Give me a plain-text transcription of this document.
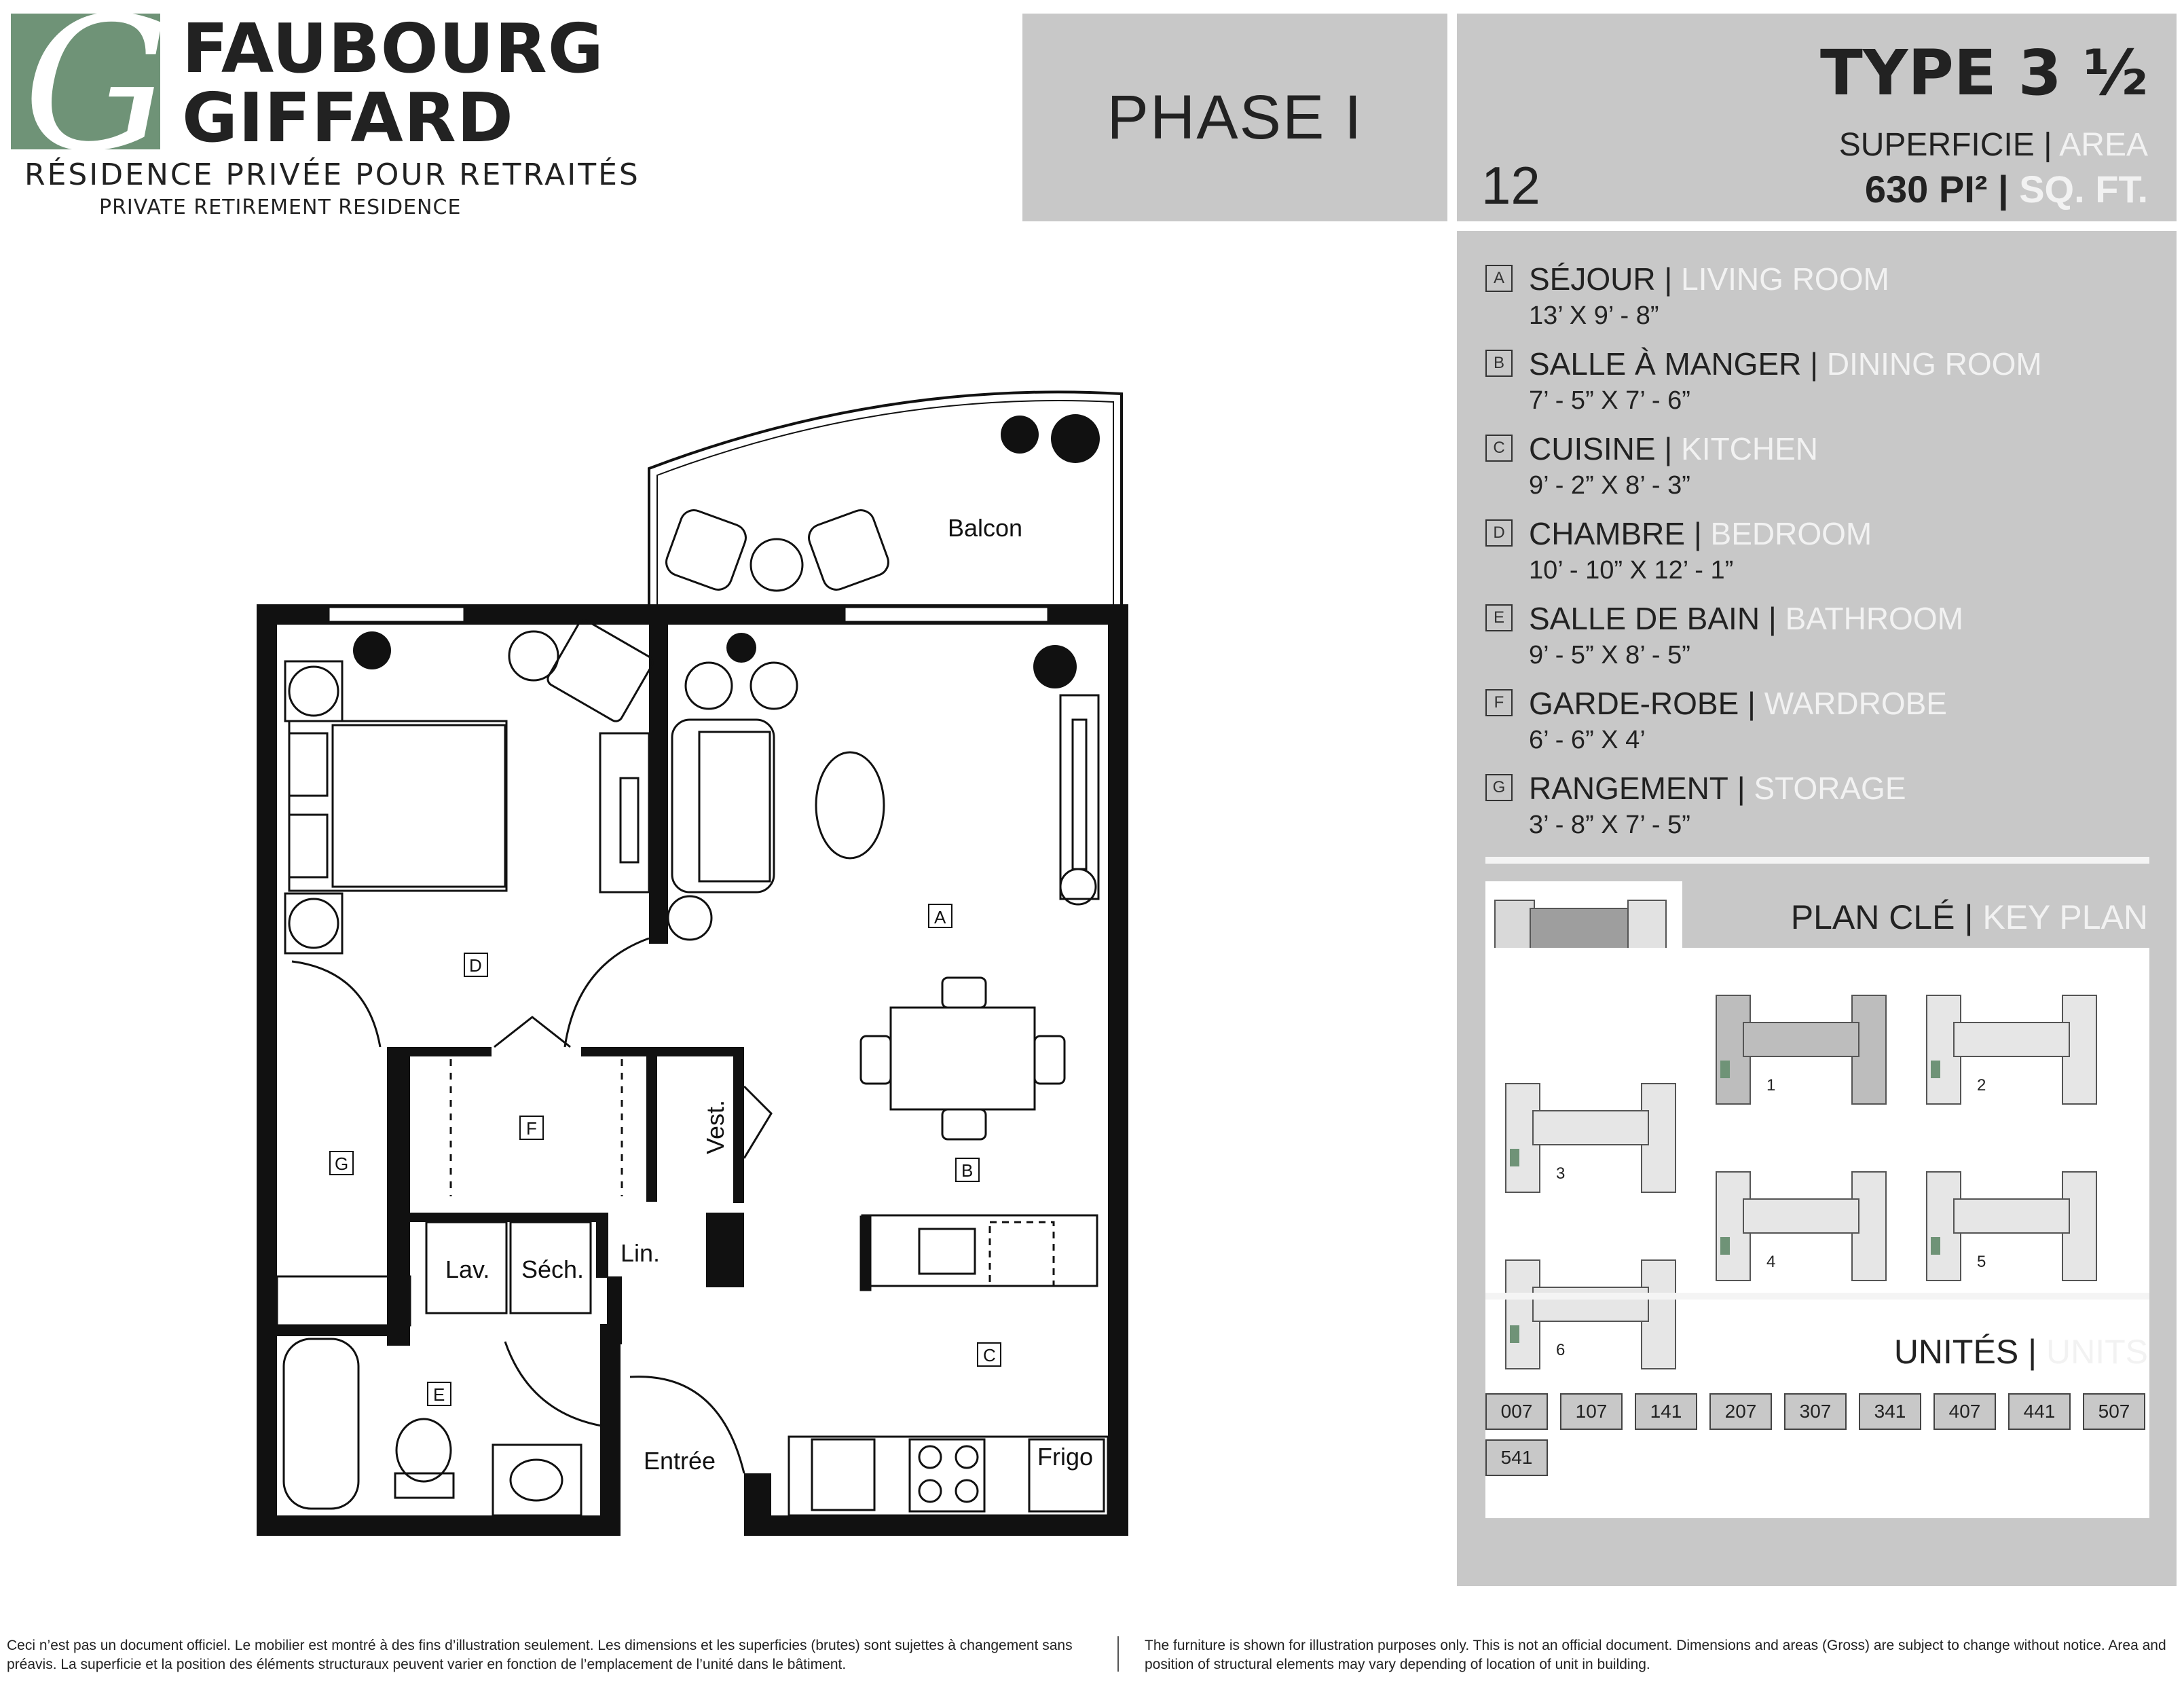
G FAUBOURG
GIFFARD
RÉSIDENCE PRIVÉE POUR RETRAITÉS
PRIVATE RETIREMENT RESIDENCE
PHASE I
TYPE 3 ½
SUPERFICIE | AREA
630 PI² | SQ. FT.
12
A SÉJOUR | LIVING ROOM
13’ X 9’ - 8”
B SALLE À MANGER | DINING ROOM
7’ - 5” X 7’ - 6”
C CUISINE | KITCHEN
9’ - 2” X 8’ - 3”
D CHAMBRE | BEDROOM
10’ - 10” X 12’ - 1”
E SALLE DE BAIN | BATHROOM
9’ - 5” X 8’ - 5”
F GARDE-ROBE | WARDROBE
6’ - 6” X 4’
G RANGEMENT | STORAGE
3’ - 8” X 7’ - 5”
PLAN CLÉ | KEY PLAN
1	2
3
4	5
6	UNITÉS | UNITS
007	107	141	207	307	341	407	441	507
541
Balcon
Lav. Séch.
Lin.
Vest.
Entrée	Frigo
A
B
C
D
E
F
G
Ceci n’est pas un document officiel. Le mobilier est montré à des fins d’illustration seulement. Les dimensions et les superficies (brutes) sont sujettes à changement sans préavis. La superficie et la position des éléments structuraux peuvent varier en fonction de l’emplacement de l’unité dans le bâtiment.
The furniture is shown for illustration purposes only. This is not an official document. Dimensions and areas (Gross) are subject to change without notice. Area and position of structural elements may vary depending of location of unit in building.
